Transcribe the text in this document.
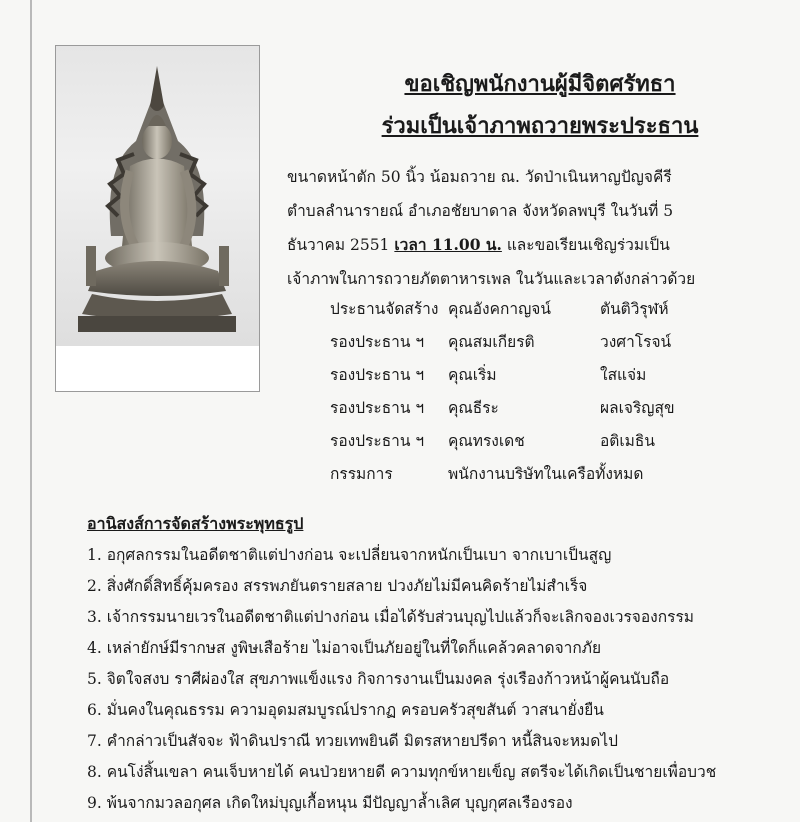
ขอเชิญพนักงานผู้มีจิตศรัทธา
ร่วมเป็นเจ้าภาพถวายพระประธาน

ขนาดหน้าตัก 50 นิ้ว น้อมถวาย ณ. วัดป่าเนินหาญปัญจคีรี

ตำบลลำนารายณ์ อำเภอชัยบาดาล จังหวัดลพบุรี ในวันที่ 5

ธันวาคม 2551 เวลา 11.00 น. และขอเรียนเชิญร่วมเป็น

เจ้าภาพในการถวายภัตตาหารเพล ในวันและเวลาดังกล่าวด้วย

ประธานจัดสร้าง คุณอังคกาญจน์	ตันติวิรุฬห์
รองประธาน ฯ คุณสมเกียรติ	วงศาโรจน์
รองประธาน ฯ คุณเริ่ม	ใสแจ่ม
รองประธาน ฯ คุณธีระ	ผลเจริญสุข
รองประธาน ฯ คุณทรงเดช	อติเมธิน
กรรมการ	พนักงานบริษัทในเครือทั้งหมด
อานิสงส์การจัดสร้างพระพุทธรูป
1. อกุศลกรรมในอดีตชาติแต่ปางก่อน จะเปลี่ยนจากหนักเป็นเบา จากเบาเป็นสูญ
2. สิ่งศักดิ์สิทธิ์คุ้มครอง สรรพภยันตรายสลาย ปวงภัยไม่มีคนคิดร้ายไม่สำเร็จ
3. เจ้ากรรมนายเวรในอดีตชาติแต่ปางก่อน เมื่อได้รับส่วนบุญไปแล้วก็จะเลิกจองเวรจองกรรม
4. เหล่ายักษ์มีรากษส งูพิษเสือร้าย ไม่อาจเป็นภัยอยู่ในที่ใดก็แคล้วคลาดจากภัย
5. จิตใจสงบ ราศีผ่องใส สุขภาพแข็งแรง กิจการงานเป็นมงคล รุ่งเรืองก้าวหน้าผู้คนนับถือ
6. มั่นคงในคุณธรรม ความอุดมสมบูรณ์ปรากฏ ครอบครัวสุขสันต์ วาสนายั่งยืน
7. คำกล่าวเป็นสัจจะ ฟ้าดินปราณี ทวยเทพยินดี มิตรสหายปรีดา หนี้สินจะหมดไป
8. คนโง่สิ้นเขลา คนเจ็บหายได้ คนป่วยหายดี ความทุกข์หายเข็ญ สตรีจะได้เกิดเป็นชายเพื่อบวช
9. พ้นจากมวลอกุศล เกิดใหม่บุญเกื้อหนุน มีปัญญาล้ำเลิศ บุญกุศลเรืองรอง
